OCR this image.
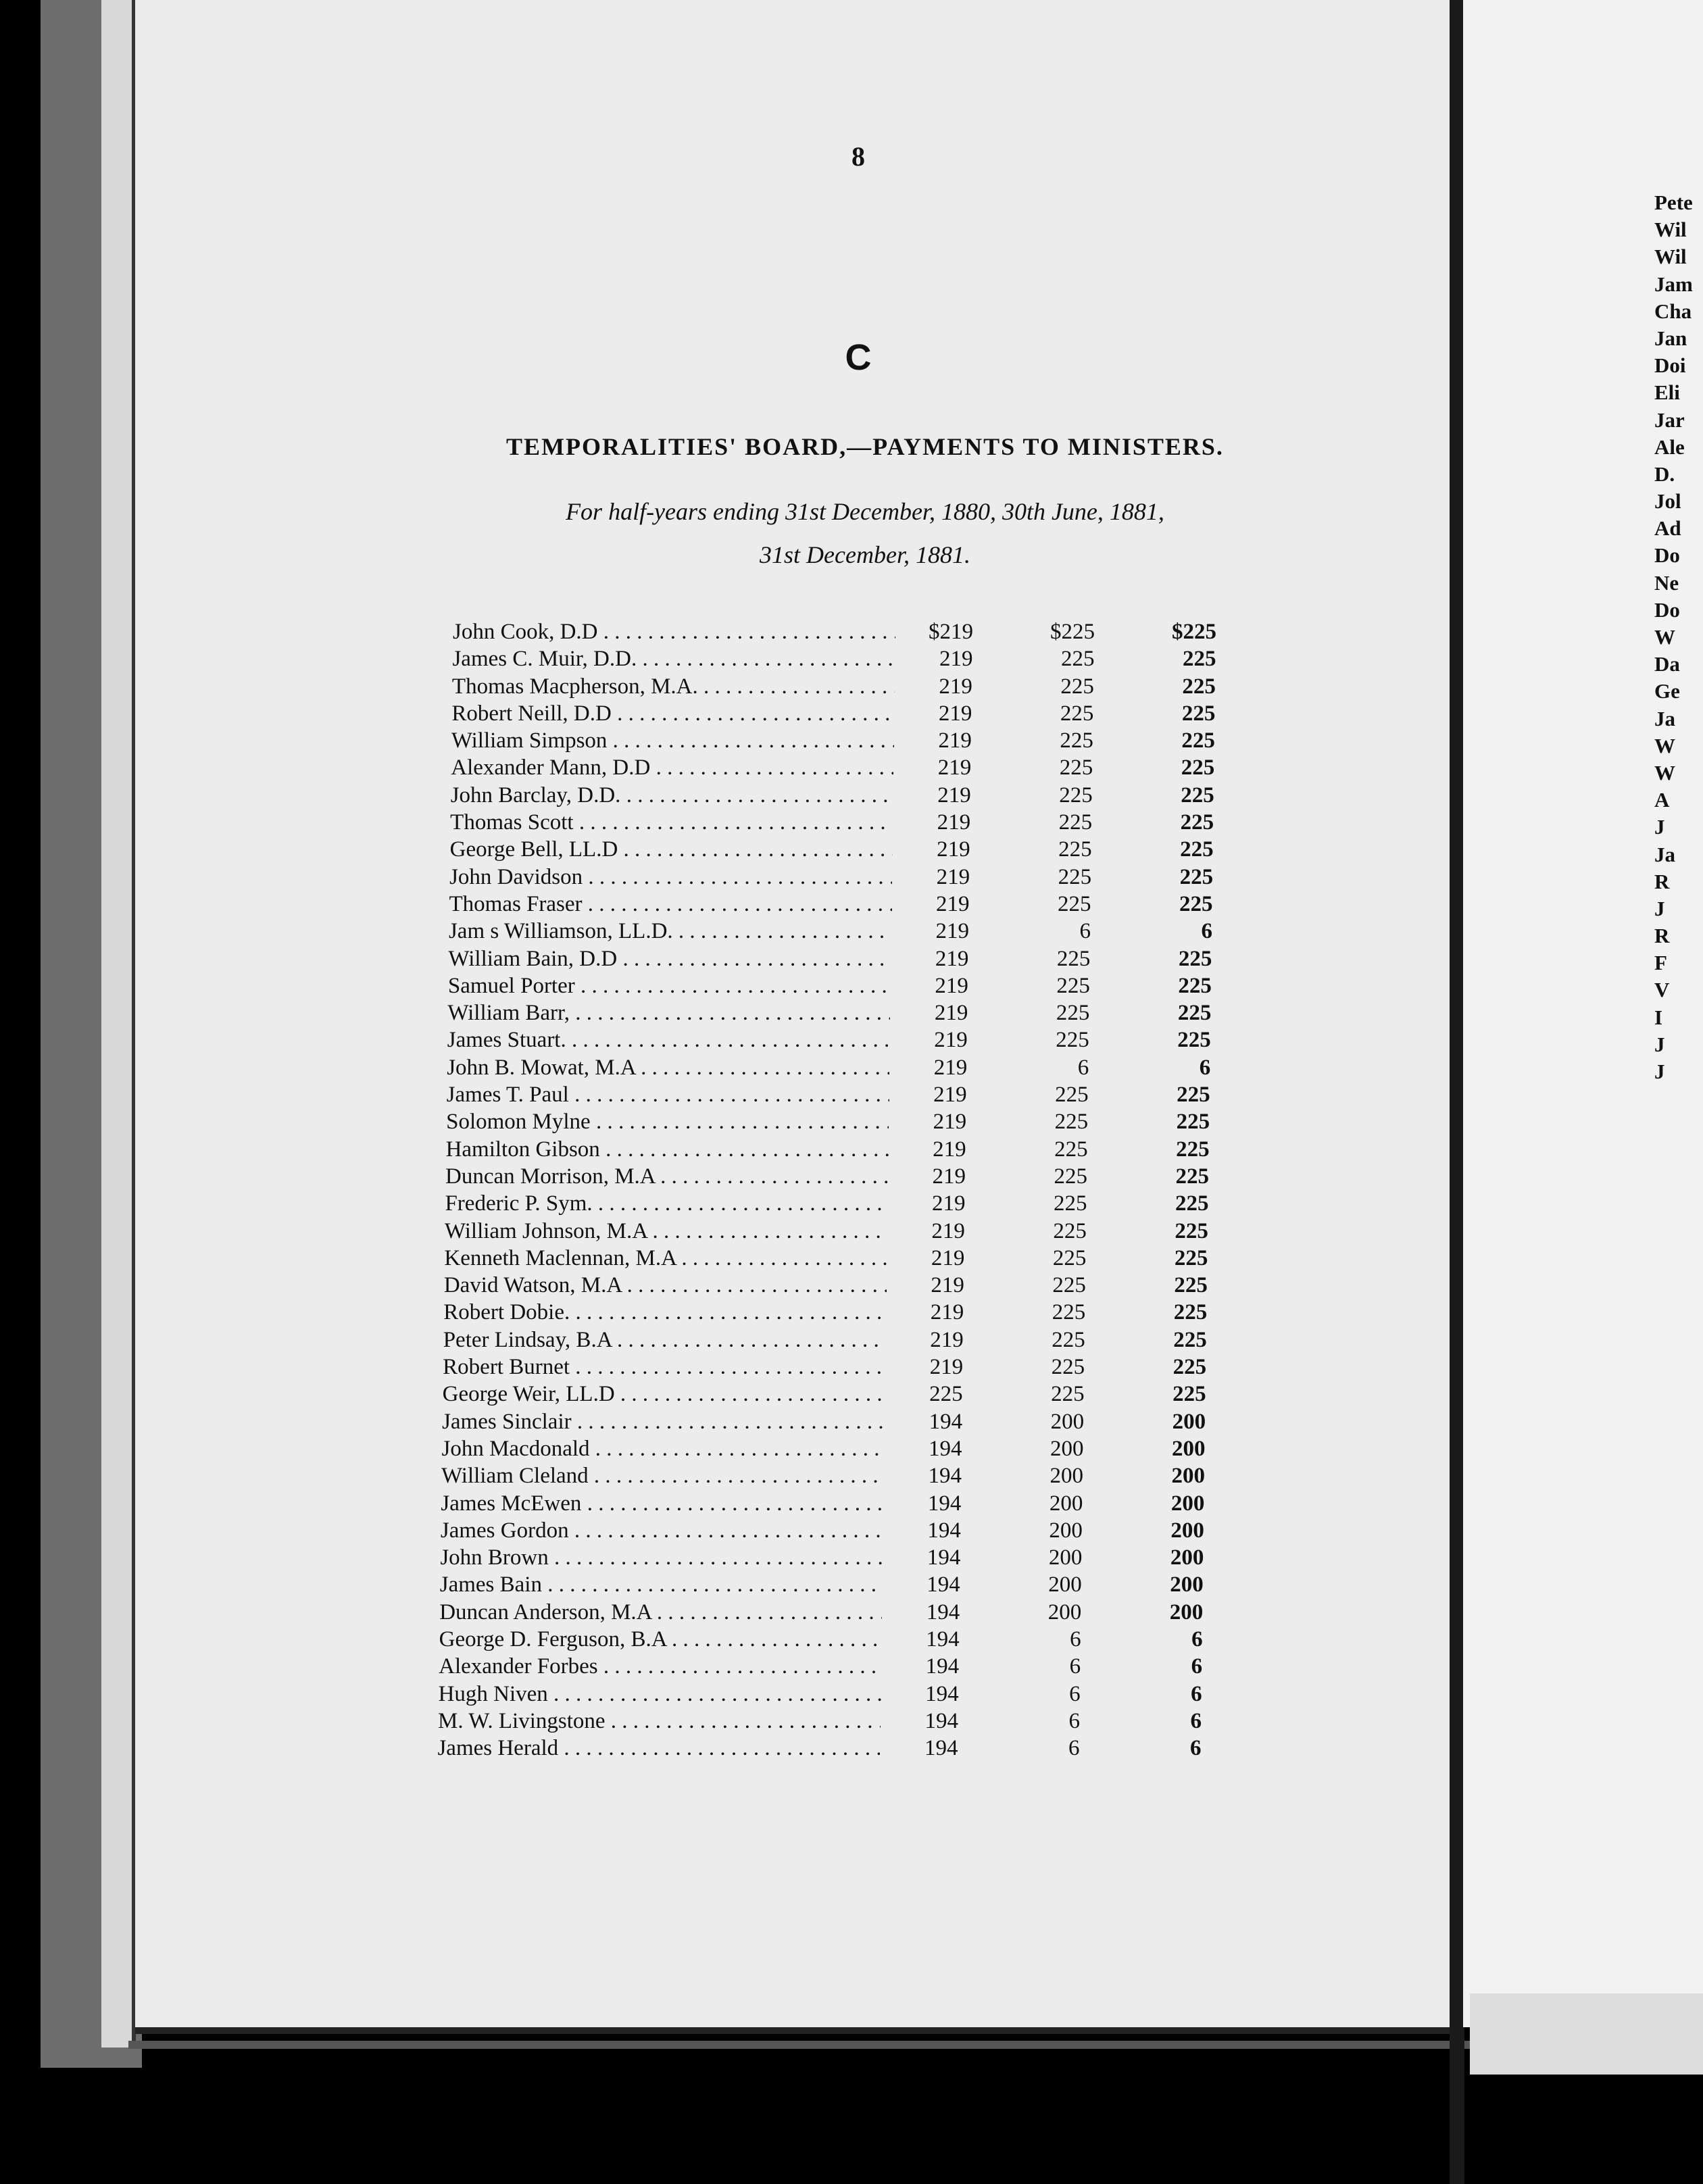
Pete
Wil
Wil
Jam
Cha
Jan
Doi
Eli
Jar
Ale
D.
Jol
Ad
Do
Ne
Do
W
Da
Ge
Ja
W
W
A
J
Ja
R
J
R
F
V
I
J
J
8
C
TEMPORALITIES' BOARD,—PAYMENTS TO MINISTERS.
For half-years ending 31st December, 1880, 30th June, 1881,
31st December, 1881.
John Cook, D.D . . .	$219	$225	$225
James C. Muir, D.D. . . .	219	225	225
Thomas Macpherson, M.A. . . .	219	225	225
Robert Neill, D.D . . .	219	225	225
William Simpson . . .	219	225	225
Alexander Mann, D.D . . .	219	225	225
John Barclay, D.D. . . .	219	225	225
Thomas Scott . . .	219	225	225
George Bell, LL.D . . .	219	225	225
John Davidson . . .	219	225	225
Thomas Fraser . . .	219	225	225
Jam s Williamson, LL.D. . . .	219	6	6
William Bain, D.D . . .	219	225	225
Samuel Porter . . .	219	225	225
William Barr, . . .	219	225	225
James Stuart. . . .	219	225	225
John B. Mowat, M.A . . .	219	6	6
James T. Paul . . .	219	225	225
Solomon Mylne . . .	219	225	225
Hamilton Gibson . . .	219	225	225
Duncan Morrison, M.A . . .	219	225	225
Frederic P. Sym. . . .	219	225	225
William Johnson, M.A . . .	219	225	225
Kenneth Maclennan, M.A . . .	219	225	225
David Watson, M.A . . .	219	225	225
Robert Dobie. . . .	219	225	225
Peter Lindsay, B.A . . .	219	225	225
Robert Burnet . . .	219	225	225
George Weir, LL.D . . .	225	225	225
James Sinclair . . .	194	200	200
John Macdonald . . .	194	200	200
William Cleland . . .	194	200	200
James McEwen . . .	194	200	200
James Gordon . . .	194	200	200
John Brown . . .	194	200	200
James Bain . . .	194	200	200
Duncan Anderson, M.A . . .	194	200	200
George D. Ferguson, B.A . . .	194	6	6
Alexander Forbes . . .	194	6	6
Hugh Niven . . .	194	6	6
M. W. Livingstone . . .	194	6	6
James Herald . . .	194	6	6
